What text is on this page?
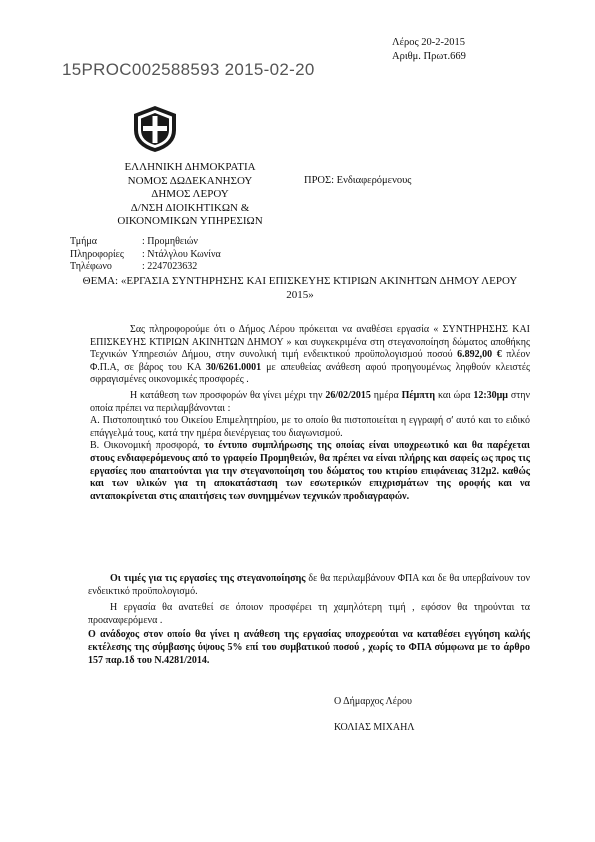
15PROC002588593 2015-02-20
Λέρος 20-2-2015
Αριθμ. Πρωτ.669
ΕΛΛΗΝΙΚΗ ΔΗΜΟΚΡΑΤΙΑ
ΝΟΜΟΣ ΔΩΔΕΚΑΝΗΣΟΥ
ΔΗΜΟΣ ΛΕΡΟΥ
Δ/ΝΣΗ ΔΙΟΙΚΗΤΙΚΩΝ &
ΟΙΚΟΝΟΜΙΚΩΝ ΥΠΗΡΕΣΙΩΝ
Τμήμα	: Προμηθειών
Πληροφορίες	: Ντάλγλου Κωνίνα
Τηλέφωνο	: 2247023632
ΠΡΟΣ: Ενδιαφερόμενους
ΘΕΜΑ: «ΕΡΓΑΣΙΑ ΣΥΝΤΗΡΗΣΗΣ ΚΑΙ ΕΠΙΣΚΕΥΗΣ ΚΤΙΡΙΩΝ ΑΚΙΝΗΤΩΝ ΔΗΜΟΥ ΛΕΡΟΥ 2015»

Σας πληροφορούμε ότι ο Δήμος Λέρου πρόκειται να αναθέσει εργασία « ΣΥΝΤΗΡΗΣΗΣ ΚΑΙ ΕΠΙΣΚΕΥΗΣ ΚΤΙΡΙΩΝ ΑΚΙΝΗΤΩΝ ΔΗΜΟΥ » και συγκεκριμένα στη στεγανοποίηση δώματος αποθήκης Τεχνικών Υπηρεσιών Δήμου, στην συνολική τιμή ενδεικτικού προϋπολογισμού ποσού 6.892,00 € πλέον Φ.Π.Α, σε βάρος του ΚΑ 30/6261.0001 με απευθείας ανάθεση αφού προηγουμένως ληφθούν κλειστές σφραγισμένες οικονομικές προσφορές .

Η κατάθεση των προσφορών θα γίνει μέχρι την 26/02/2015 ημέρα Πέμπτη και ώρα 12:30μμ στην οποία πρέπει να περιλαμβάνονται :

Α. Πιστοποιητικό του Οικείου Επιμελητηρίου, με το οποίο θα πιστοποιείται η εγγραφή σ' αυτό και το ειδικό επάγγελμά τους, κατά την ημέρα διενέργειας του διαγωνισμού.

Β. Οικονομική προσφορά, το έντυπο συμπλήρωσης της οποίας είναι υποχρεωτικό και θα παρέχεται στους ενδιαφερόμενους από το γραφείο Προμηθειών, θα πρέπει να είναι πλήρης και σαφείς ως προς τις εργασίες που απαιτούνται για την στεγανοποίηση του δώματος του κτιρίου επιφάνειας 312μ2. καθώς και των υλικών για τη αποκατάσταση των εσωτερικών επιχρισμάτων της οροφής και να ανταποκρίνεται στις απαιτήσεις των συνημμένων τεχνικών προδιαγραφών.

Οι τιμές για τις εργασίες της στεγανοποίησης δε θα περιλαμβάνουν ΦΠΑ και δε θα υπερβαίνουν τον ενδεικτικό προϋπολογισμό.

Η εργασία θα ανατεθεί σε όποιον προσφέρει τη χαμηλότερη τιμή , εφόσον θα τηρούνται τα προαναφερόμενα .

Ο ανάδοχος στον οποίο θα γίνει η ανάθεση της εργασίας υποχρεούται να καταθέσει εγγύηση καλής εκτέλεσης της σύμβασης ύψους 5% επί του συμβατικού ποσού , χωρίς το ΦΠΑ σύμφωνα με το άρθρο 157 παρ.1δ του Ν.4281/2014.

Ο Δήμαρχος Λέρου
ΚΟΛΙΑΣ ΜΙΧΑΗΛ
